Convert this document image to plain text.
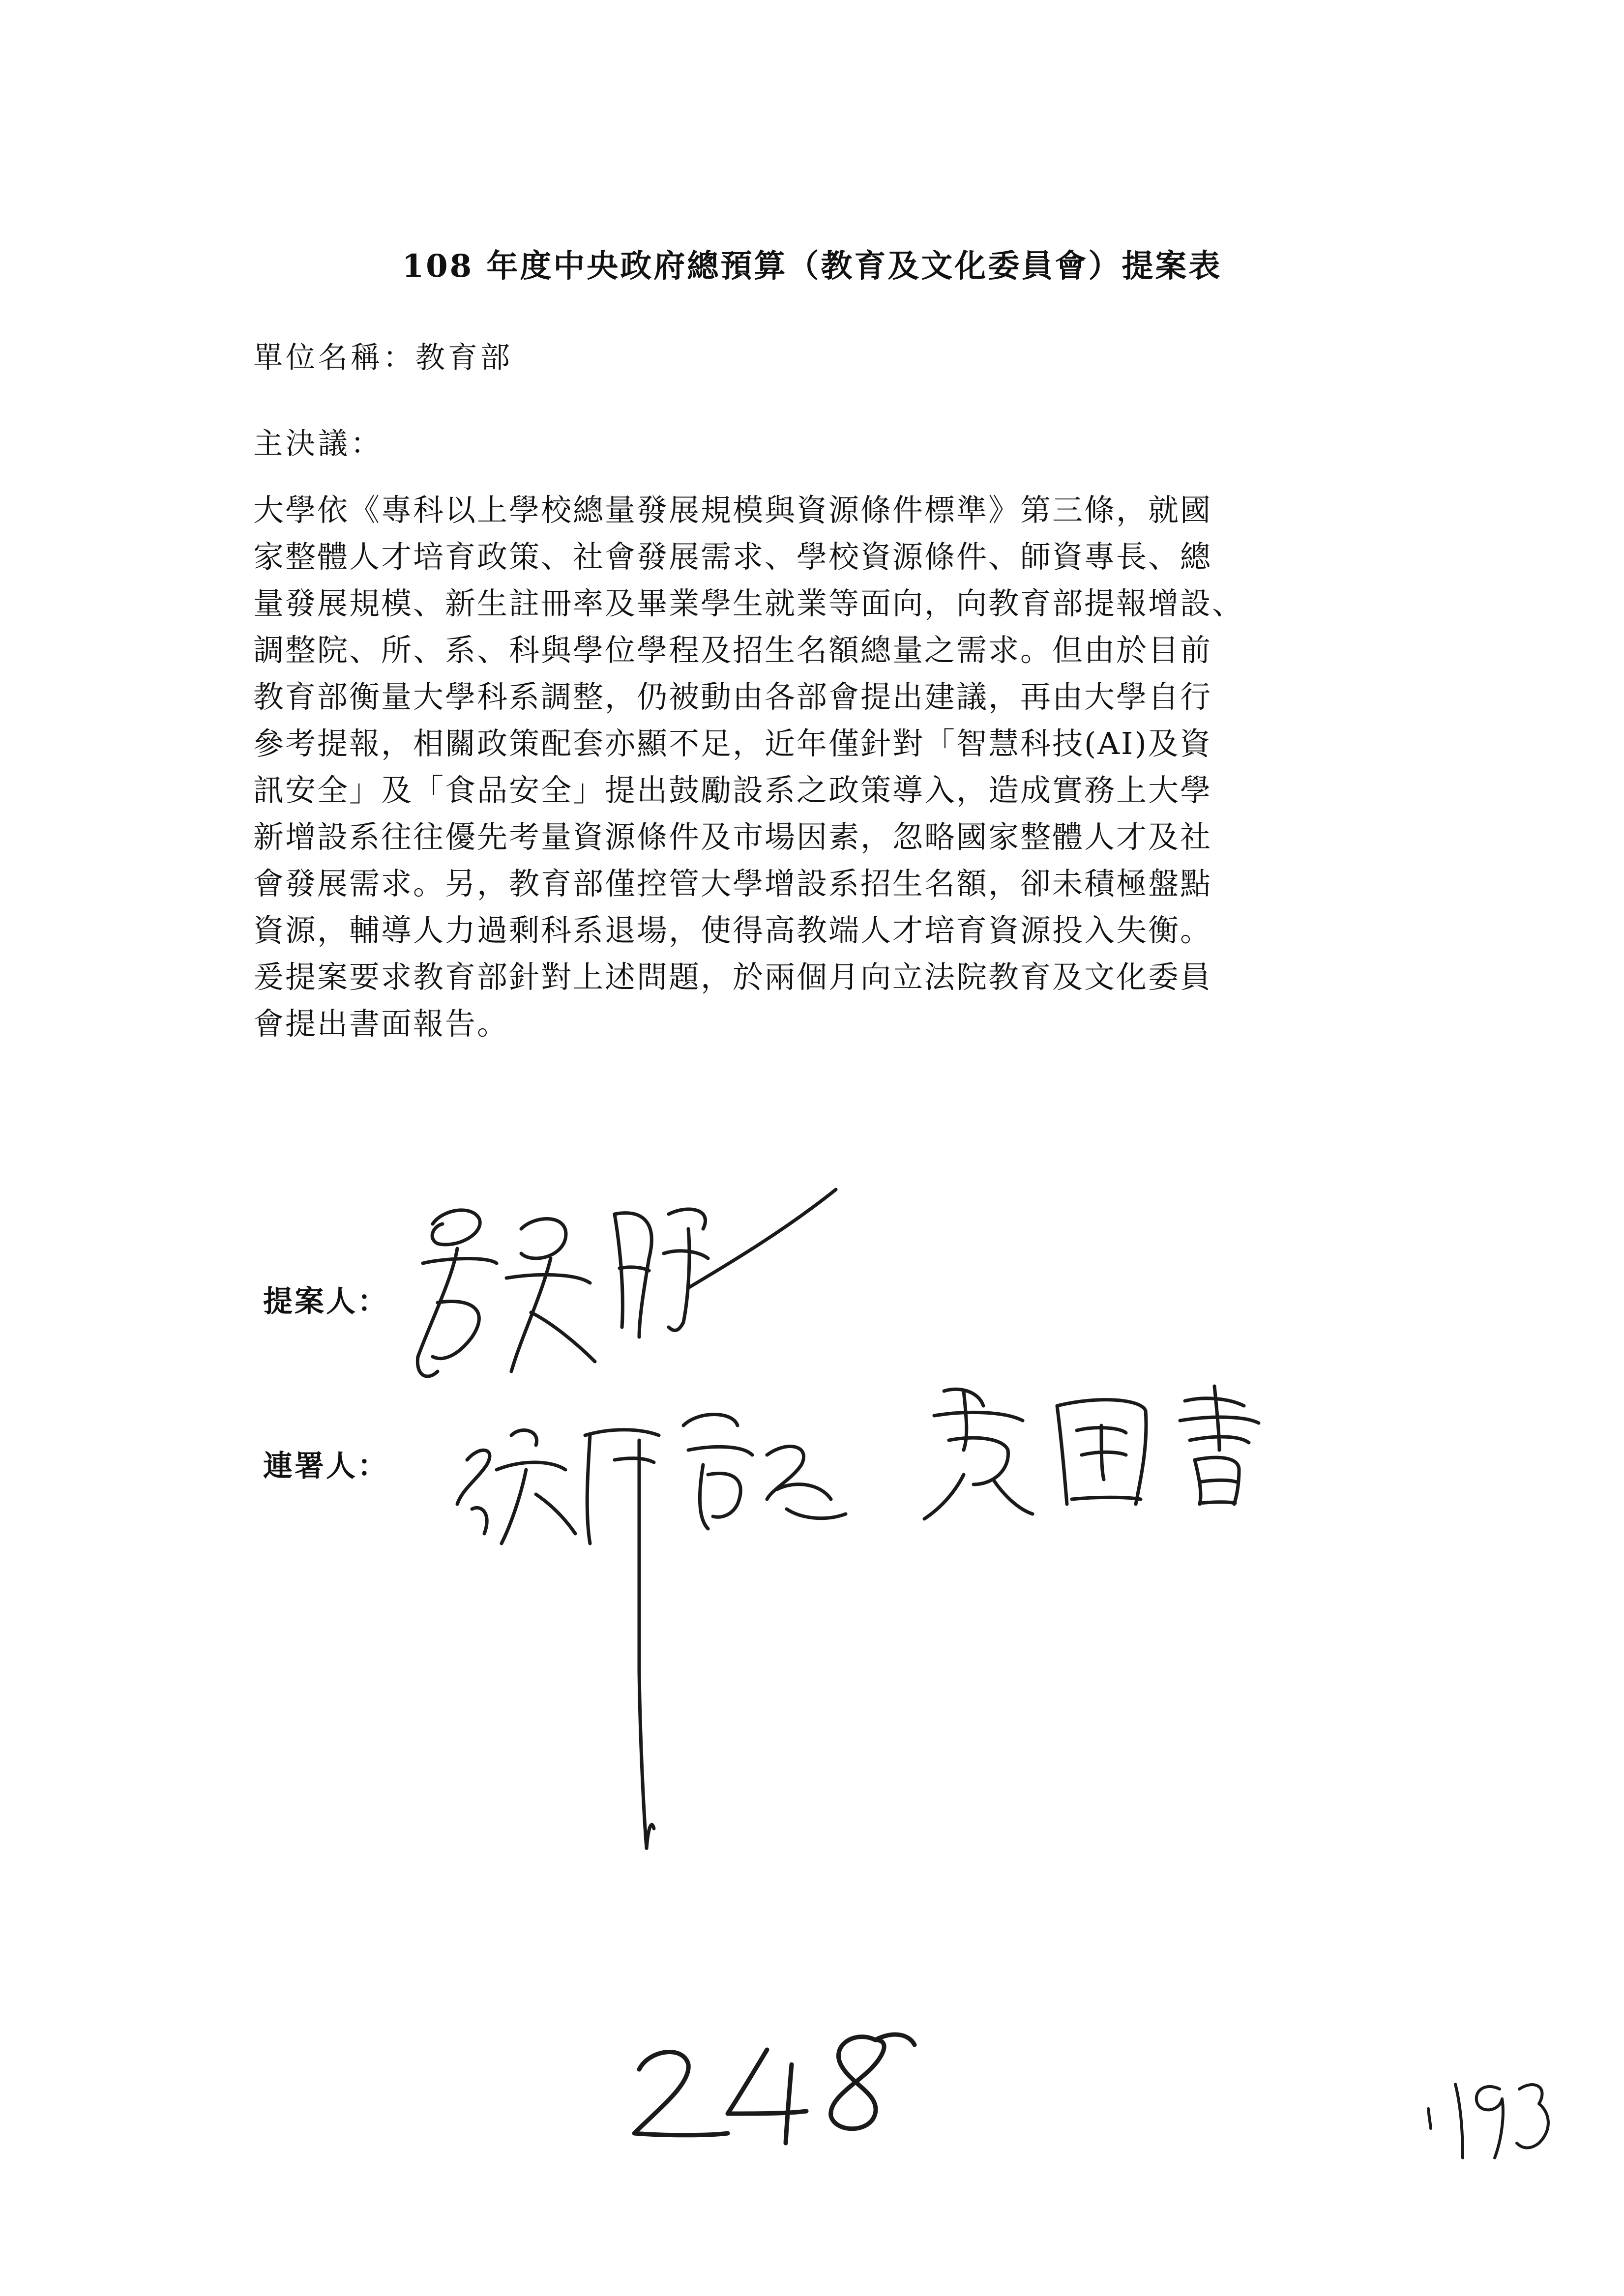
108 年度中央政府總預算（教育及文化委員會）提案表
單位名稱：教育部
主決議：
大學依《專科以上學校總量發展規模與資源條件標準》第三條，就國
家整體人才培育政策、社會發展需求、學校資源條件、師資專長、總
量發展規模、新生註冊率及畢業學生就業等面向，向教育部提報增設、
調整院、所、系、科與學位學程及招生名額總量之需求。但由於目前
教育部衡量大學科系調整，仍被動由各部會提出建議，再由大學自行
參考提報，相關政策配套亦顯不足，近年僅針對「智慧科技(AI)及資
訊安全」及「食品安全」提出鼓勵設系之政策導入，造成實務上大學
新增設系往往優先考量資源條件及市場因素，忽略國家整體人才及社
會發展需求。另，教育部僅控管大學增設系招生名額，卻未積極盤點
資源，輔導人力過剩科系退場，使得高教端人才培育資源投入失衡。
爰提案要求教育部針對上述問題，於兩個月向立法院教育及文化委員
會提出書面報告。
提案人：
連署人：
